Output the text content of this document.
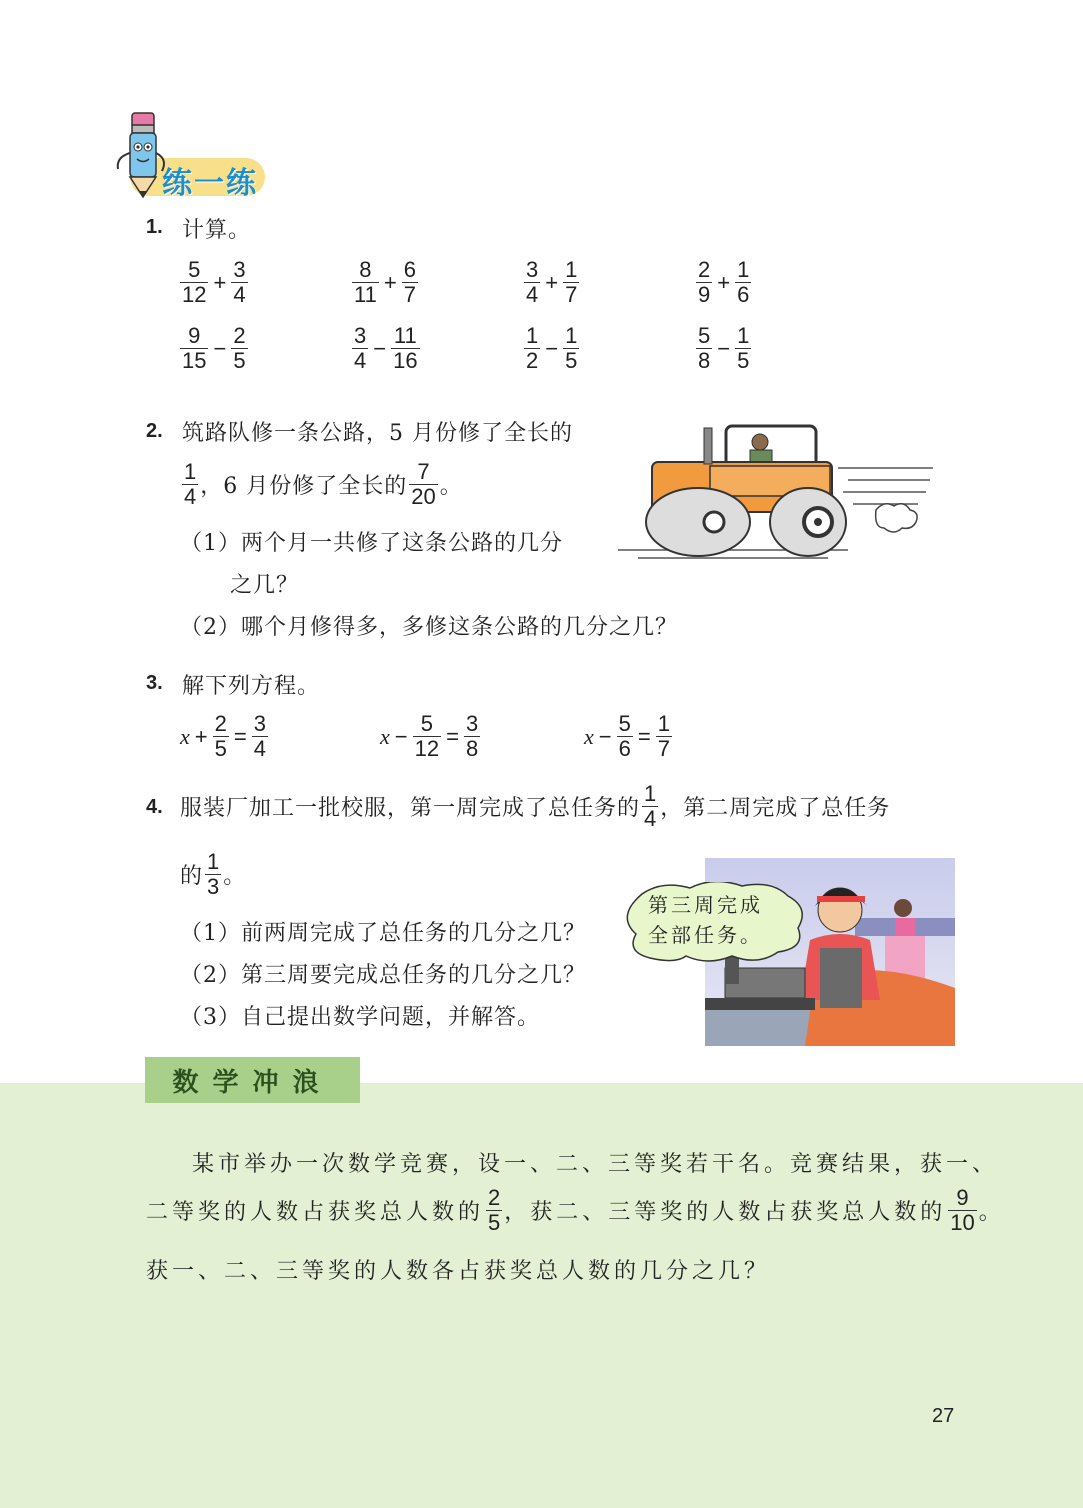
练一练
1. 计算。
$\frac{5}{12} + \frac{3}{4}$	$\frac{8}{11} + \frac{6}{7}$	$\frac{3}{4} + \frac{1}{7}$	$\frac{2}{9} + \frac{1}{6}$
$\frac{9}{15} - \frac{2}{5}$	$\frac{3}{4} - \frac{11}{16}$	$\frac{1}{2} - \frac{1}{5}$	$\frac{5}{8} - \frac{1}{5}$
2. 筑路队修一条公路，5 月份修了全长的
$\frac{1}{4}$ ，6 月份修了全长的 $\frac{7}{20}$ 。
（1）两个月一共修了这条公路的几分
之几？
（2）哪个月修得多，多修这条公路的几分之几？
3. 解下列方程。
$x + \frac{2}{5} = \frac{3}{4}$	$x - \frac{5}{12} = \frac{3}{8}$	$x - \frac{5}{6} = \frac{1}{7}$
4. 服装厂加工一批校服，第一周完成了总任务的 $\frac{1}{4}$ ，第二周完成了总任务
的 $\frac{1}{3}$ 。
（1）前两周完成了总任务的几分之几？
（2）第三周要完成总任务的几分之几？
（3）自己提出数学问题，并解答。
第三周完成
全部任务。
数学冲浪
某市举办一次数学竞赛，设一、二、三等奖若干名。竞赛结果，获一、
二等奖的人数占获奖总人数的 $\frac{2}{5}$ ，获二、三等奖的人数占获奖总人数的 $\frac{9}{10}$ 。
获一、二、三等奖的人数各占获奖总人数的几分之几？
27
